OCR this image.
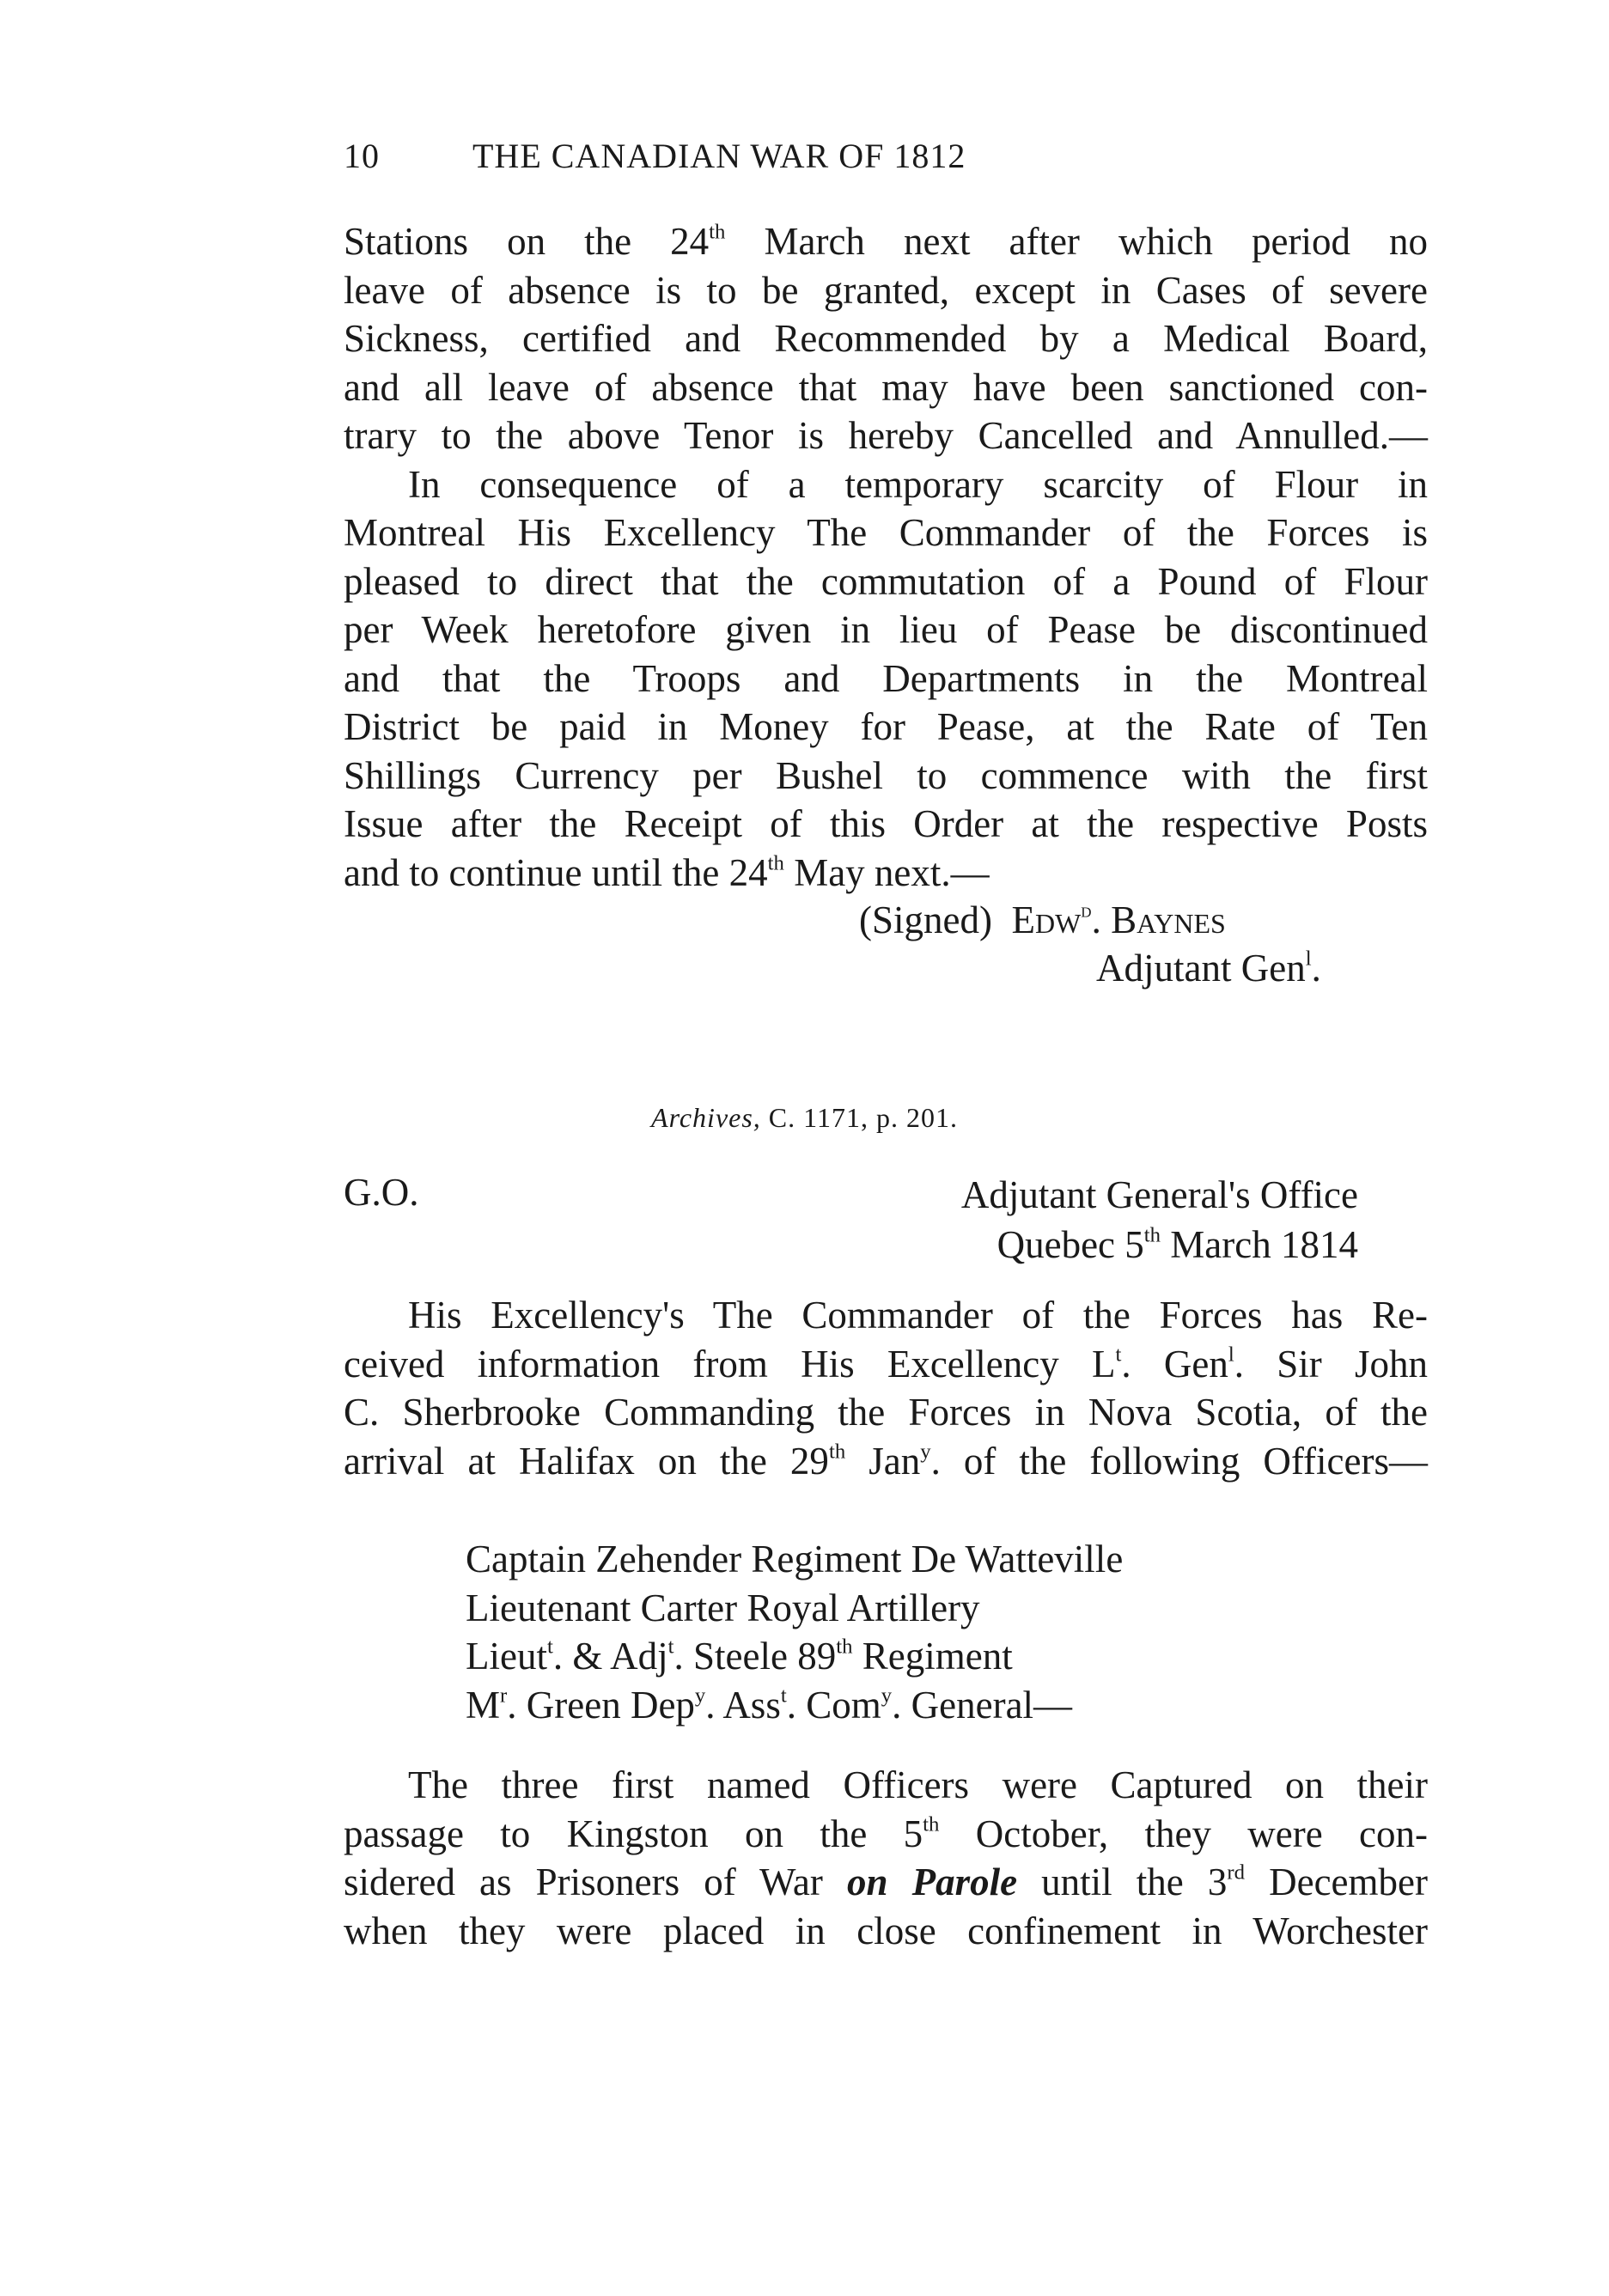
10	THE CANADIAN WAR OF 1812
Stations on the 24th March next after which period no
leave of absence is to be granted, except in Cases of severe
Sickness, certified and Recommended by a Medical Board,
and all leave of absence that may have been sanctioned con-
trary to the above Tenor is hereby Cancelled and Annulled.—
In consequence of a temporary scarcity of Flour in
Montreal His Excellency The Commander of the Forces is
pleased to direct that the commutation of a Pound of Flour
per Week heretofore given in lieu of Pease be discontinued
and that the Troops and Departments in the Montreal
District be paid in Money for Pease, at the Rate of Ten
Shillings Currency per Bushel to commence with the first
Issue after the Receipt of this Order at the respective Posts
and to continue until the 24th May next.—
(Signed) Edw$^d$. Baynes
Adjutant Gen$^l$.
Archives, C. 1171, p. 201.
G.O.	Adjutant General's Office
Quebec 5th March 1814
His Excellency's The Commander of the Forces has Re-
ceived information from His Excellency $L^t$. Gen$^l$. Sir John
C. Sherbrooke Commanding the Forces in Nova Scotia, of the
arrival at Halifax on the 29th Jan$^y$. of the following Officers—
Captain Zehender Regiment De Watteville
Lieutenant Carter Royal Artillery
Lieut$^t$. & Adj$^t$. Steele 89th Regiment
$M^r$. Green Dep$^y$. Ass$^t$. Com$^y$. General—
The three first named Officers were Captured on their
passage to Kingston on the 5th October, they were con-
sidered as Prisoners of War on Parole until the 3rd December
when they were placed in close confinement in Worchester
